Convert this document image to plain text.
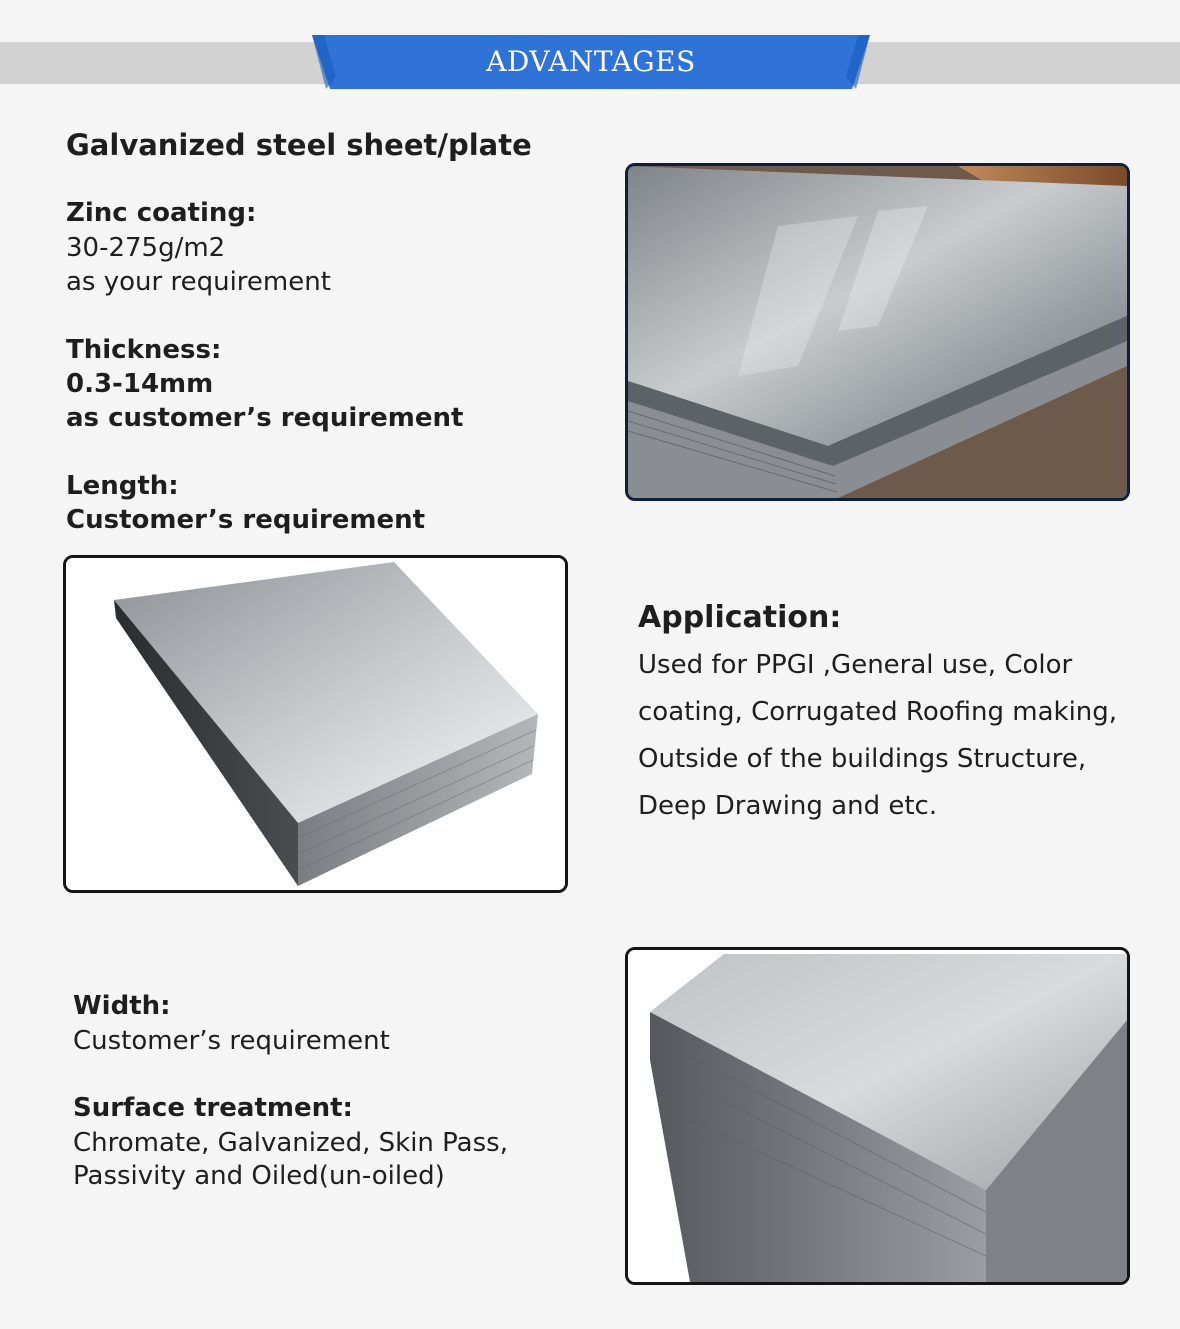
ADVANTAGES
Galvanized steel sheet/plate
Zinc coating:
30-275g/m2
as your requirement
Thickness:
0.3-14mm
as customer’s requirement
Length:
Customer’s requirement
Application:
Used for PPGI ,General use, Color
coating, Corrugated Roofing making,
Outside of the buildings Structure,
Deep Drawing and etc.
Width:
Customer’s requirement
Surface treatment:
Chromate, Galvanized, Skin Pass,
Passivity and Oiled(un-oiled)
